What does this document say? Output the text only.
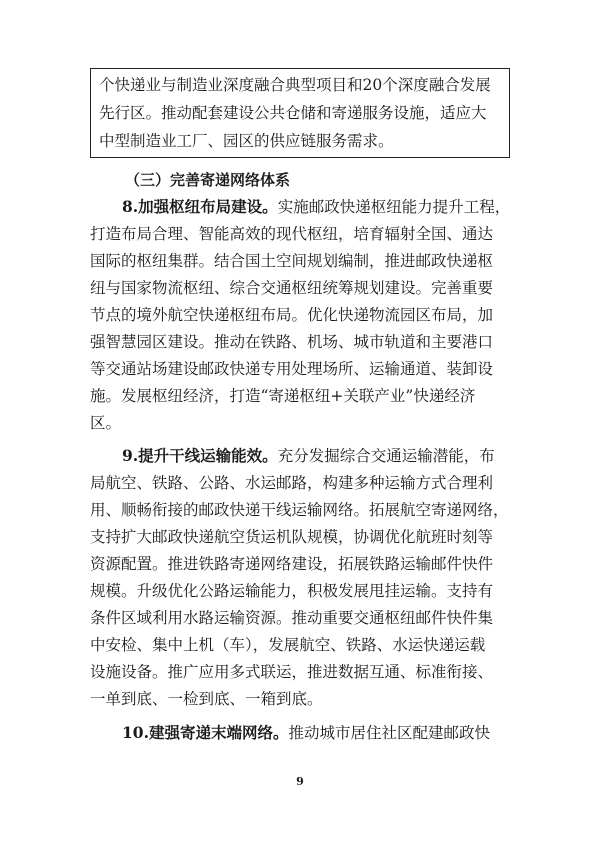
个快递业与制造业深度融合典型项目和20个深度融合发展
先行区。推动配套建设公共仓储和寄递服务设施，适应大
中型制造业工厂、园区的供应链服务需求。
（三）完善寄递网络体系
8.加强枢纽布局建设。实施邮政快递枢纽能力提升工程，
打造布局合理、智能高效的现代枢纽，培育辐射全国、通达
国际的枢纽集群。结合国土空间规划编制，推进邮政快递枢
纽与国家物流枢纽、综合交通枢纽统筹规划建设。完善重要
节点的境外航空快递枢纽布局。优化快递物流园区布局，加
强智慧园区建设。推动在铁路、机场、城市轨道和主要港口
等交通站场建设邮政快递专用处理场所、运输通道、装卸设
施。发展枢纽经济，打造“寄递枢纽+关联产业”快递经济
区。
9.提升干线运输能效。充分发掘综合交通运输潜能，布
局航空、铁路、公路、水运邮路，构建多种运输方式合理利
用、顺畅衔接的邮政快递干线运输网络。拓展航空寄递网络，
支持扩大邮政快递航空货运机队规模，协调优化航班时刻等
资源配置。推进铁路寄递网络建设，拓展铁路运输邮件快件
规模。升级优化公路运输能力，积极发展甩挂运输。支持有
条件区域利用水路运输资源。推动重要交通枢纽邮件快件集
中安检、集中上机（车），发展航空、铁路、水运快递运载
设施设备。推广应用多式联运，推进数据互通、标准衔接、
一单到底、一检到底、一箱到底。
10.建强寄递末端网络。推动城市居住社区配建邮政快
9
